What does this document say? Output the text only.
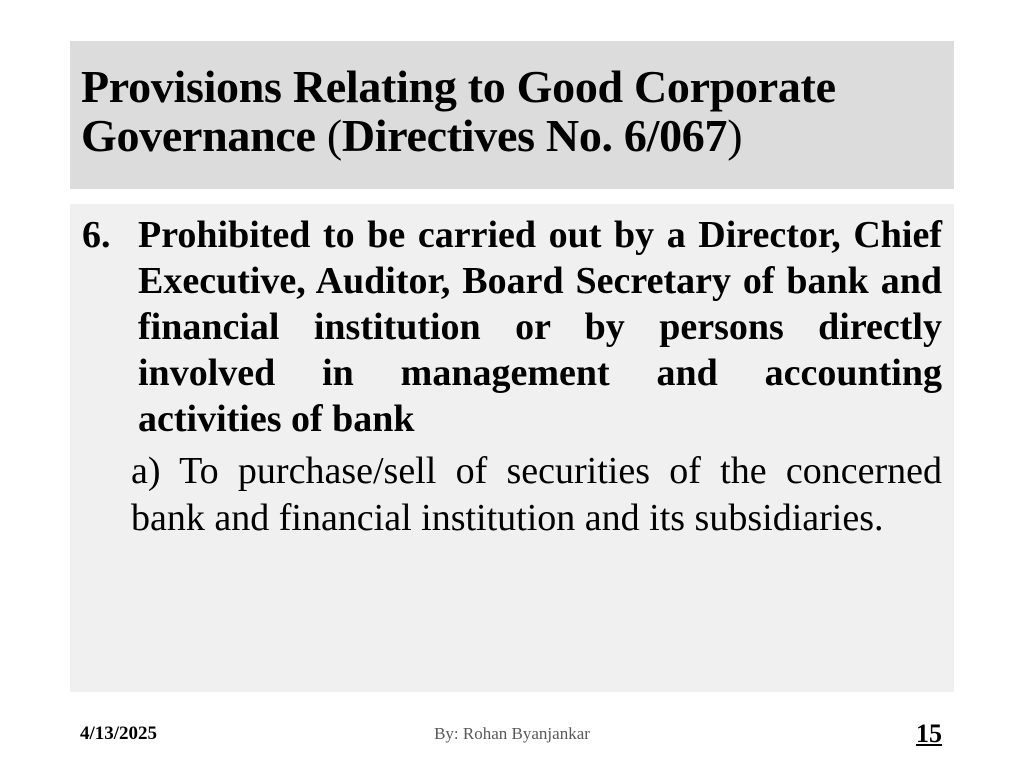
Provisions Relating to Good Corporate
Governance (Directives No. 6/067)
6. Prohibited to be carried out by a Director, Chief Executive, Auditor, Board Secretary of bank and financial institution or by persons directly involved in management and accounting activities of bank

a) To purchase/sell of securities of the concerned bank and financial institution and its subsidiaries.

4/13/2025	By: Rohan Byanjankar	15
